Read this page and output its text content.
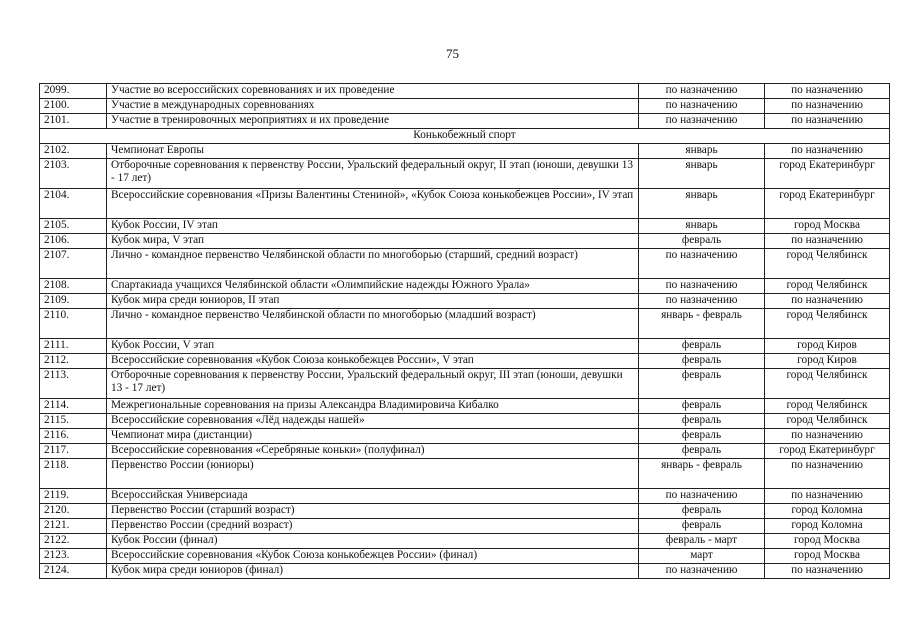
75
2099.	Участие во всероссийских соревнованиях и их проведение	по назначению	по назначению
2100.	Участие в международных соревнованиях	по назначению	по назначению
2101.	Участие в тренировочных мероприятиях и их проведение	по назначению	по назначению
Конькобежный спорт			
2102.	Чемпионат Европы	январь	по назначению
2103.	Отборочные соревнования к первенству России, Уральский федеральный округ, II этап (юноши, девушки 13 - 17 лет)	январь	город Екатеринбург
2104.	Всероссийские соревнования «Призы Валентины Стениной», «Кубок Союза конькобежцев России», IV этап	январь	город Екатеринбург
2105.	Кубок России, IV этап	январь	город Москва
2106.	Кубок мира, V этап	февраль	по назначению
2107.	Лично - командное первенство Челябинской области по многоборью (старший, средний возраст)	по назначению	город Челябинск
2108.	Спартакиада учащихся Челябинской области «Олимпийские надежды Южного Урала»	по назначению	город Челябинск
2109.	Кубок мира среди юниоров, II этап	по назначению	по назначению
2110.	Лично - командное первенство Челябинской области по многоборью (младший возраст)	январь - февраль	город Челябинск
2111.	Кубок России, V этап	февраль	город Киров
2112.	Всероссийские соревнования «Кубок Союза конькобежцев России», V этап	февраль	город Киров
2113.	Отборочные соревнования к первенству России, Уральский федеральный округ, III этап (юноши, девушки 13 - 17 лет)	февраль	город Челябинск
2114.	Межрегиональные соревнования на призы Александра Владимировича Кибалко	февраль	город Челябинск
2115.	Всероссийские соревнования «Лёд надежды нашей»	февраль	город Челябинск
2116.	Чемпионат мира (дистанции)	февраль	по назначению
2117.	Всероссийские соревнования «Серебряные коньки» (полуфинал)	февраль	город Екатеринбург
2118.	Первенство России (юниоры)	январь - февраль	по назначению
2119.	Всероссийская Универсиада	по назначению	по назначению
2120.	Первенство России (старший возраст)	февраль	город Коломна
2121.	Первенство России (средний возраст)	февраль	город Коломна
2122.	Кубок России (финал)	февраль - март	город Москва
2123.	Всероссийские соревнования «Кубок Союза конькобежцев России» (финал)	март	город Москва
2124.	Кубок мира среди юниоров (финал)	по назначению	по назначению
